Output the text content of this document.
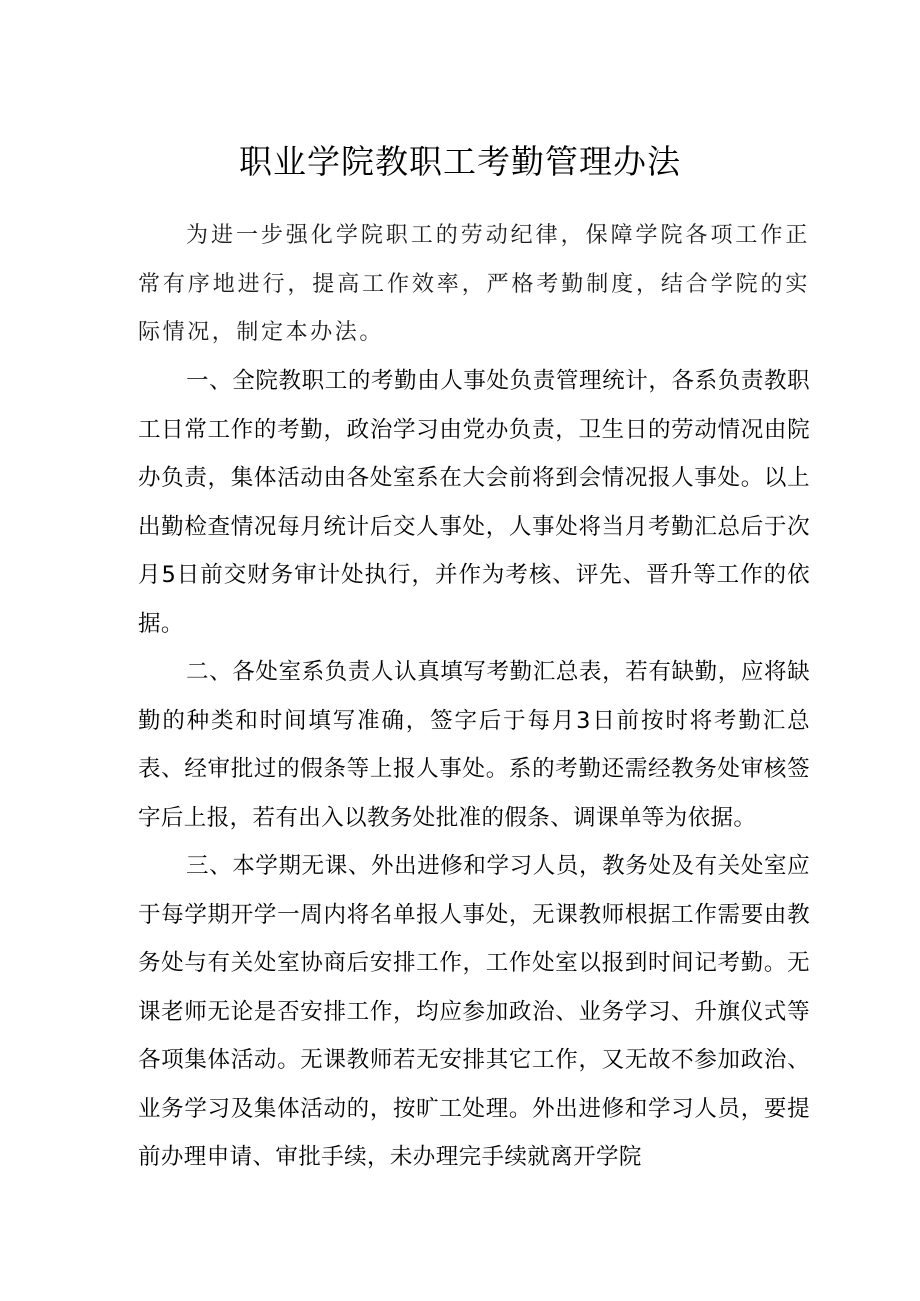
职业学院教职工考勤管理办法

为进一步强化学院职工的劳动纪律，保障学院各项工作正常有序地进行，提高工作效率，严格考勤制度，结合学院的实际情况，制定本办法。

一、全院教职工的考勤由人事处负责管理统计，各系负责教职工日常工作的考勤，政治学习由党办负责，卫生日的劳动情况由院办负责，集体活动由各处室系在大会前将到会情况报人事处。以上出勤检查情况每月统计后交人事处，人事处将当月考勤汇总后于次月5日前交财务审计处执行，并作为考核、评先、晋升等工作的依据。

二、各处室系负责人认真填写考勤汇总表，若有缺勤，应将缺勤的种类和时间填写准确，签字后于每月3日前按时将考勤汇总表、经审批过的假条等上报人事处。系的考勤还需经教务处审核签字后上报，若有出入以教务处批准的假条、调课单等为依据。

三、本学期无课、外出进修和学习人员，教务处及有关处室应于每学期开学一周内将名单报人事处，无课教师根据工作需要由教务处与有关处室协商后安排工作，工作处室以报到时间记考勤。无课老师无论是否安排工作，均应参加政治、业务学习、升旗仪式等各项集体活动。无课教师若无安排其它工作，又无故不参加政治、业务学习及集体活动的，按旷工处理。外出进修和学习人员，要提前办理申请、审批手续，未办理完手续就离开学院
